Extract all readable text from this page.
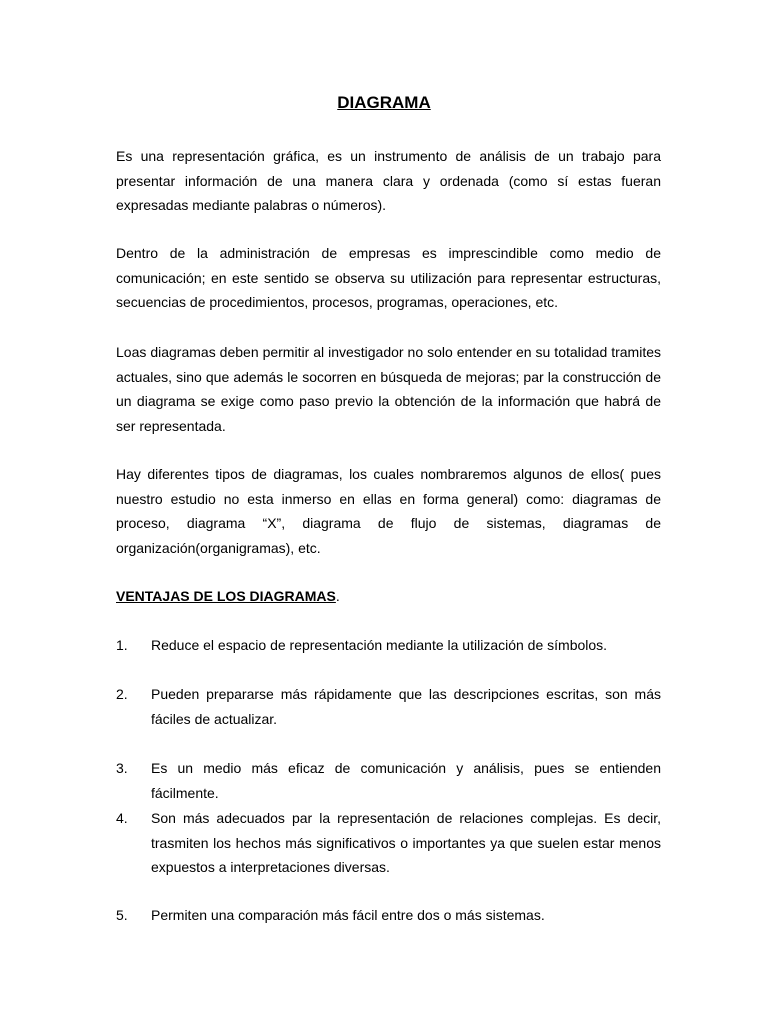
DIAGRAMA

Es una representación gráfica, es un instrumento de análisis de un trabajo para presentar información de una manera clara y ordenada (como sí estas fueran expresadas mediante palabras o números).

Dentro de la administración de empresas es imprescindible como medio de comunicación; en este sentido se observa su utilización para representar estructuras, secuencias de procedimientos, procesos, programas, operaciones, etc.

Loas diagramas deben permitir al investigador no solo entender en su totalidad tramites actuales, sino que además le socorren en búsqueda de mejoras; par la construcción de un diagrama se exige como paso previo la obtención de la información que habrá de ser representada.

Hay diferentes tipos de diagramas, los cuales nombraremos algunos de ellos( pues nuestro estudio no esta inmerso en ellas en forma general) como: diagramas de proceso, diagrama “X”, diagrama de flujo de sistemas, diagramas de organización(organigramas), etc.

VENTAJAS DE LOS DIAGRAMAS.

1.	Reduce el espacio de representación mediante la utilización de símbolos.
2.	Pueden prepararse más rápidamente que las descripciones escritas, son más fáciles de actualizar.
3.	Es un medio más eficaz de comunicación y análisis, pues se entienden fácilmente.
4.	Son más adecuados par la representación de relaciones complejas. Es decir, trasmiten los hechos más significativos o importantes ya que suelen estar menos expuestos a interpretaciones diversas.
5.	Permiten una comparación más fácil entre dos o más sistemas.
